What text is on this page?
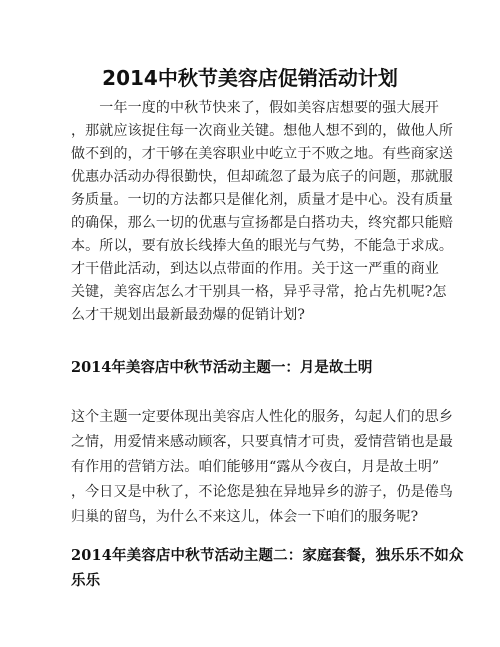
2014中秋节美容店促销活动计划
　　一年一度的中秋节快来了，假如美容店想要的强大展开
，那就应该捉住每一次商业关键。想他人想不到的，做他人所
做不到的，才干够在美容职业中屹立于不败之地。有些商家送
优惠办活动办得很勤快，但却疏忽了最为底子的问题，那就服
务质量。一切的方法都只是催化剂，质量才是中心。没有质量
的确保，那么一切的优惠与宣扬都是白搭功夫，终究都只能赔
本。所以，要有放长线捧大鱼的眼光与气势，不能急于求成。
才干借此活动，到达以点带面的作用。关于这一严重的商业
关键，美容店怎么才干别具一格，异乎寻常，抢占先机呢?怎
么才干规划出最新最劲爆的促销计划?
2014年美容店中秋节活动主题一：月是故土明
这个主题一定要体现出美容店人性化的服务，勾起人们的思乡
之情，用爱情来感动顾客，只要真情才可贵，爱情营销也是最
有作用的营销方法。咱们能够用“露从今夜白，月是故土明”
，今日又是中秋了，不论您是独在异地异乡的游子，仍是倦鸟
归巢的留鸟，为什么不来这儿，体会一下咱们的服务呢?
2014年美容店中秋节活动主题二：家庭套餐，独乐乐不如众
乐乐
